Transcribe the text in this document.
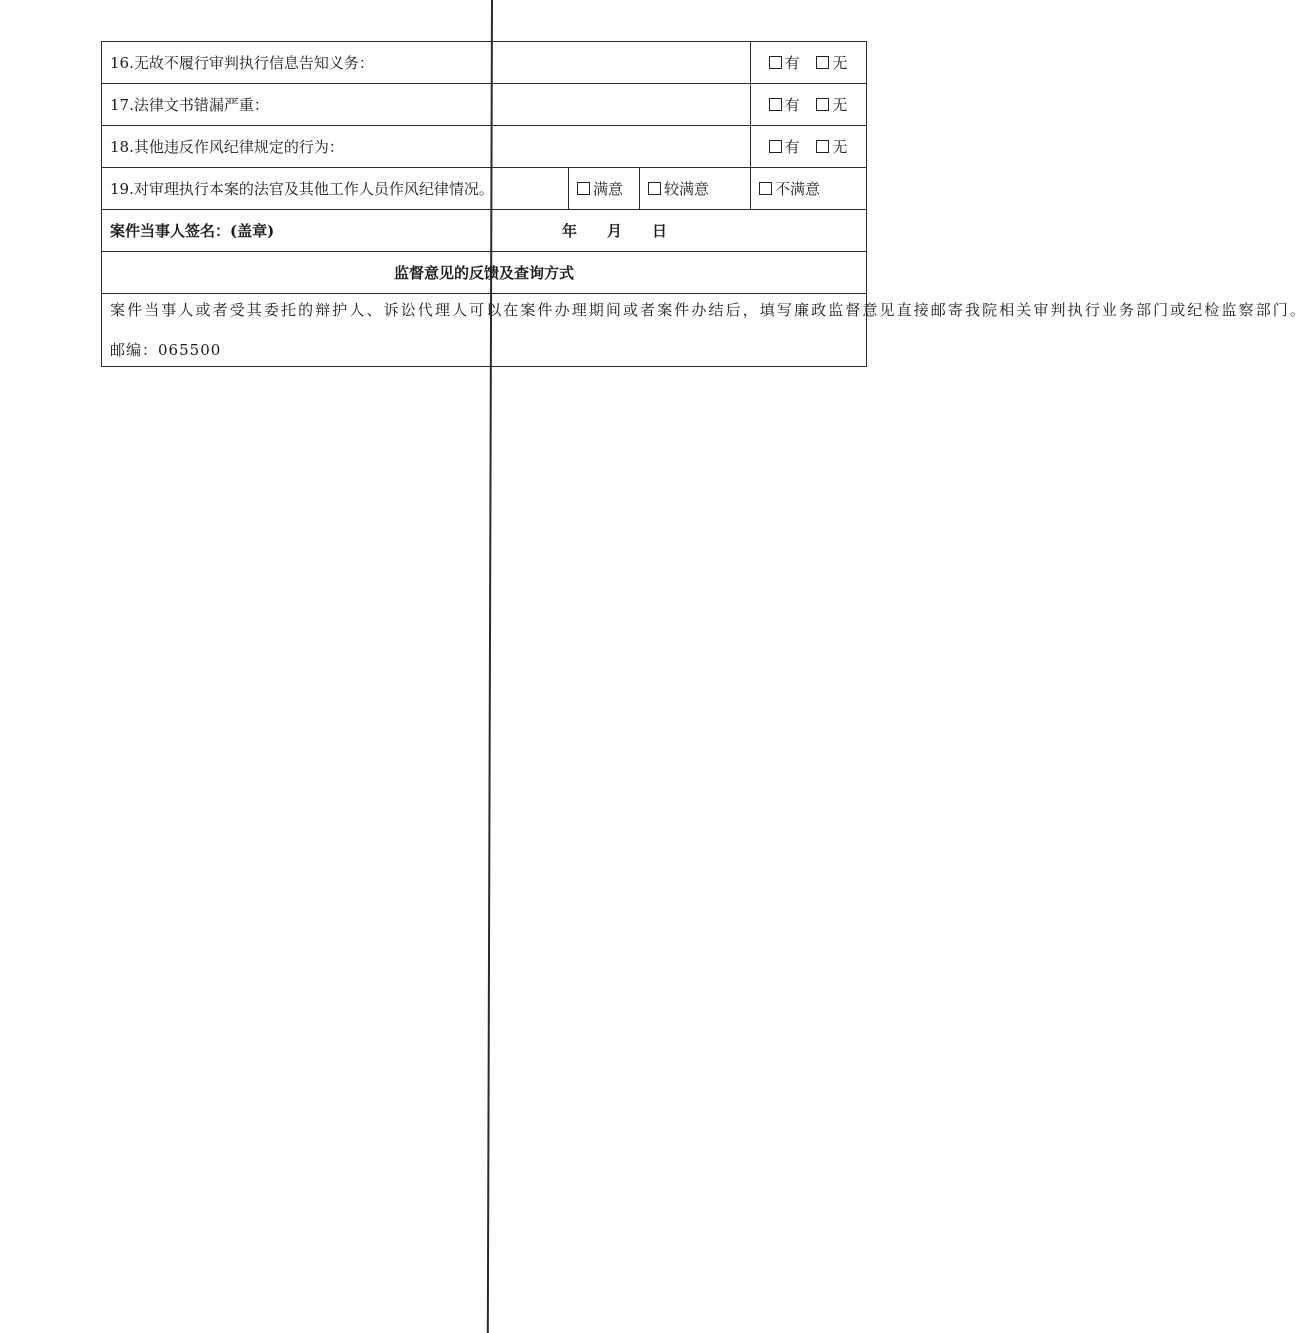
16.无故不履行审判执行信息告知义务：			有 无
17.法律文书错漏严重：			有 无
18.其他违反作风纪律规定的行为：			有 无
19.对审理执行本案的法官及其他工作人员作风纪律情况。	满意	较满意	不满意
案件当事人签名：(盖章) 年 月 日			
监督意见的反馈及查询方式			

案件当事人或者受其委托的辩护人、诉讼代理人可以在案件办理期间或者案件办结后，填写廉政监督意见直接邮寄我院相关审判执行业务部门或纪检监察部门。
邮编：065500			
